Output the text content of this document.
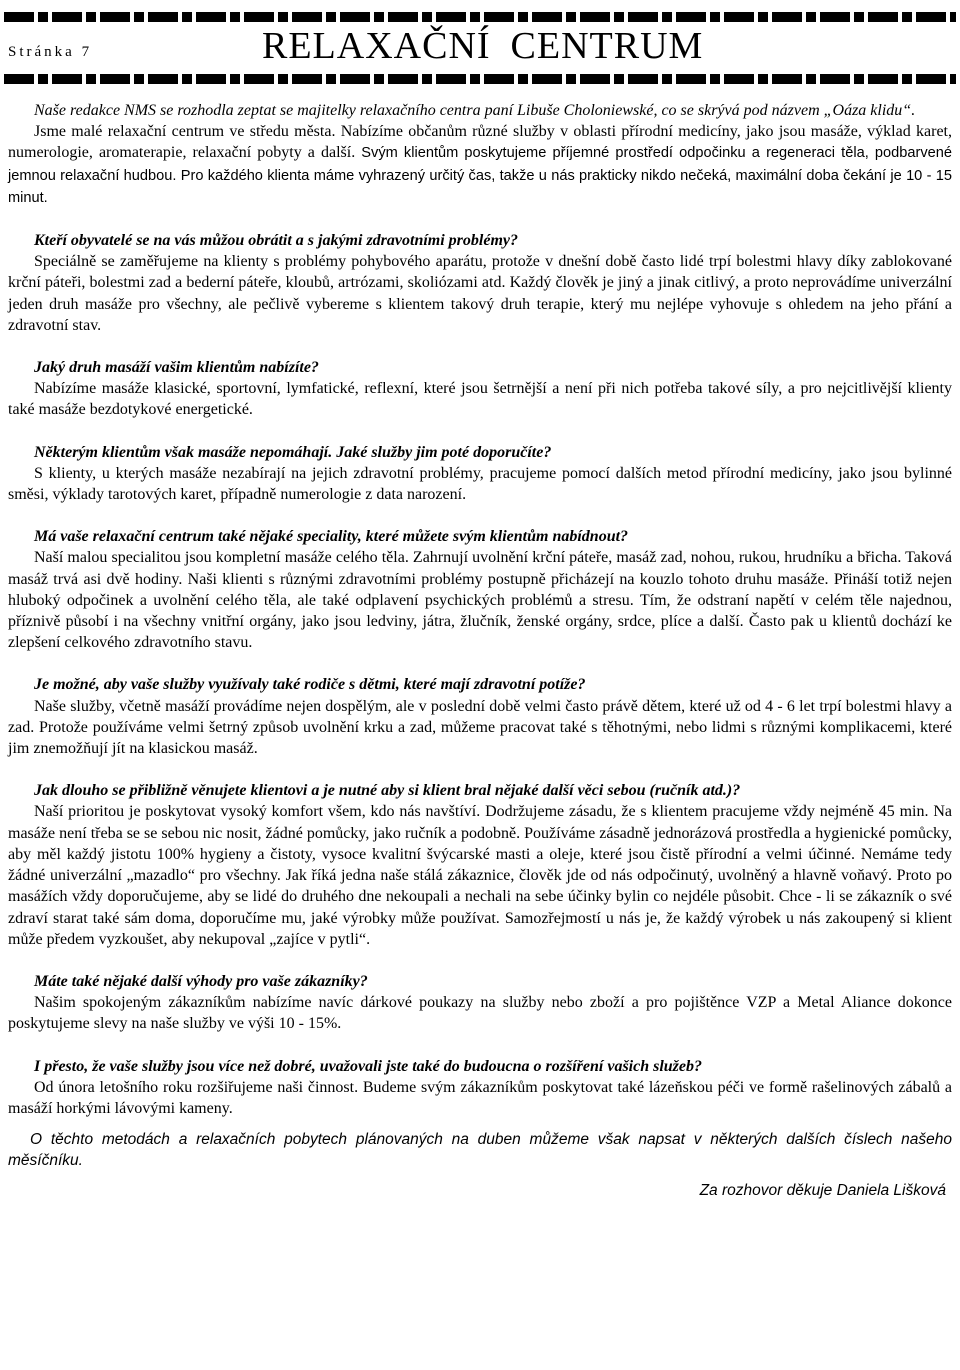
Stránka 7	RELAXAČNÍ CENTRUM

Naše redakce NMS se rozhodla zeptat se majitelky relaxačního centra paní Libuše Choloniewské, co se skrývá pod názvem „Oáza klidu“.

Jsme malé relaxační centrum ve středu města. Nabízíme občanům různé služby v oblasti přírodní medicíny, jako jsou masáže, výklad karet, numerologie, aromaterapie, relaxační pobyty a další. Svým klientům poskytujeme příjemné prostředí odpočinku a regeneraci těla, podbarvené jemnou relaxační hudbou. Pro každého klienta máme vyhrazený určitý čas, takže u nás prakticky nikdo nečeká, maximální doba čekání je 10 - 15 minut.

Kteří obyvatelé se na vás můžou obrátit a s jakými zdravotními problémy?

Speciálně se zaměřujeme na klienty s problémy pohybového aparátu, protože v dnešní době často lidé trpí bolestmi hlavy díky zablokované krční páteři, bolestmi zad a bederní páteře, kloubů, artrózami, skoliózami atd. Každý člověk je jiný a jinak citlivý, a proto neprovádíme univerzální jeden druh masáže pro všechny, ale pečlivě vybereme s klientem takový druh terapie, který mu nejlépe vyhovuje s ohledem na jeho přání a zdravotní stav.

Jaký druh masáží vašim klientům nabízíte?

Nabízíme masáže klasické, sportovní, lymfatické, reflexní, které jsou šetrnější a není při nich potřeba takové síly, a pro nejcitlivější klienty také masáže bezdotykové energetické.

Některým klientům však masáže nepomáhají. Jaké služby jim poté doporučíte?

S klienty, u kterých masáže nezabírají na jejich zdravotní problémy, pracujeme pomocí dalších metod přírodní medicíny, jako jsou bylinné směsi, výklady tarotových karet, případně numerologie z data narození.

Má vaše relaxační centrum také nějaké speciality, které můžete svým klientům nabídnout?

Naší malou specialitou jsou kompletní masáže celého těla. Zahrnují uvolnění krční páteře, masáž zad, nohou, rukou, hrudníku a břicha. Taková masáž trvá asi dvě hodiny. Naši klienti s různými zdravotními problémy postupně přicházejí na kouzlo tohoto druhu masáže. Přináší totiž nejen hluboký odpočinek a uvolnění celého těla, ale také odplavení psychických problémů a stresu. Tím, že odstraní napětí v celém těle najednou, příznivě působí i na všechny vnitřní orgány, jako jsou ledviny, játra, žlučník, ženské orgány, srdce, plíce a další. Často pak u klientů dochází ke zlepšení celkového zdravotního stavu.

Je možné, aby vaše služby využívaly také rodiče s dětmi, které mají zdravotní potíže?

Naše služby, včetně masáží provádíme nejen dospělým, ale v poslední době velmi často právě dětem, které už od 4 - 6 let trpí bolestmi hlavy a zad. Protože používáme velmi šetrný způsob uvolnění krku a zad, můžeme pracovat také s těhotnými, nebo lidmi s různými komplikacemi, které jim znemožňují jít na klasickou masáž.

Jak dlouho se přibližně věnujete klientovi a je nutné aby si klient bral nějaké další věci sebou (ručník atd.)?

Naší prioritou je poskytovat vysoký komfort všem, kdo nás navštíví. Dodržujeme zásadu, že s klientem pracujeme vždy nejméně 45 min. Na masáže není třeba se se sebou nic nosit, žádné pomůcky, jako ručník a podobně. Používáme zásadně jednorázová prostředla a hygienické pomůcky, aby měl každý jistotu 100% hygieny a čistoty, vysoce kvalitní švýcarské masti a oleje, které jsou čistě přírodní a velmi účinné. Nemáme tedy žádné univerzální „mazadlo“ pro všechny. Jak říká jedna naše stálá zákaznice, člověk jde od nás odpočinutý, uvolněný a hlavně voňavý. Proto po masážích vždy doporučujeme, aby se lidé do druhého dne nekoupali a nechali na sebe účinky bylin co nejdéle působit. Chce - li se zákazník o své zdraví starat také sám doma, doporučíme mu, jaké výrobky může používat. Samozřejmostí u nás je, že každý výrobek u nás zakoupený si klient může předem vyzkoušet, aby nekupoval „zajíce v pytli“.

Máte také nějaké další výhody pro vaše zákazníky?

Našim spokojeným zákazníkům nabízíme navíc dárkové poukazy na služby nebo zboží a pro pojištěnce VZP a Metal Aliance dokonce poskytujeme slevy na naše služby ve výši 10 - 15%.

I přesto, že vaše služby jsou více než dobré, uvažovali jste také do budoucna o rozšíření vašich služeb?

Od února letošního roku rozšiřujeme naši činnost. Budeme svým zákazníkům poskytovat také lázeňskou péči ve formě rašelinových zábalů a masáží horkými lávovými kameny.

O těchto metodách a relaxačních pobytech plánovaných na duben můžeme však napsat v některých dalších číslech našeho měsíčníku.

Za rozhovor děkuje Daniela Lišková
